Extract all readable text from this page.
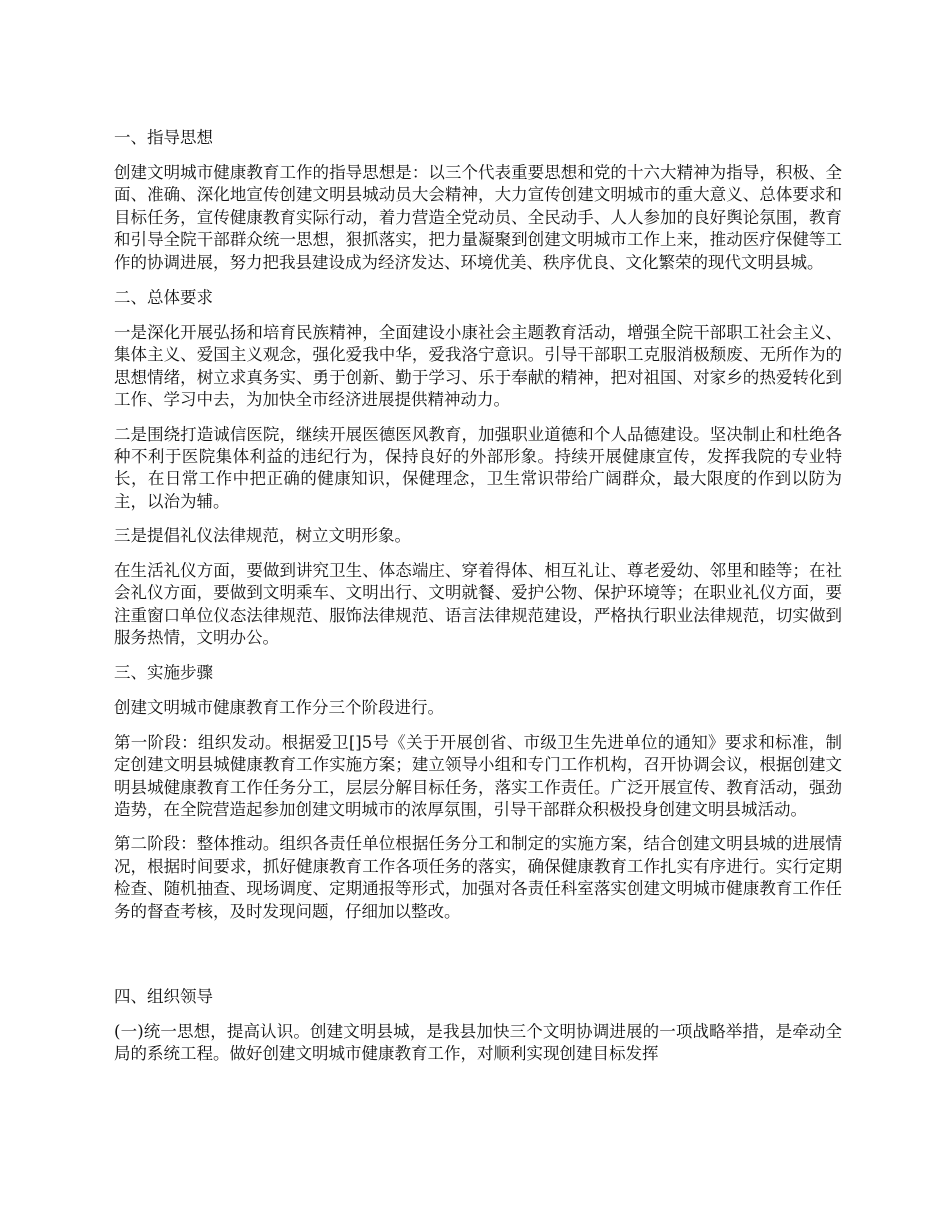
一、指导思想
创建文明城市健康教育工作的指导思想是：以三个代表重要思想和党的十六大精神为指导，积极、全面、准确、深化地宣传创建文明县城动员大会精神，大力宣传创建文明城市的重大意义、总体要求和目标任务，宣传健康教育实际行动，着力营造全党动员、全民动手、人人参加的良好舆论氛围，教育和引导全院干部群众统一思想，狠抓落实，把力量凝聚到创建文明城市工作上来，推动医疗保健等工作的协调进展，努力把我县建设成为经济发达、环境优美、秩序优良、文化繁荣的现代文明县城。
二、总体要求
一是深化开展弘扬和培育民族精神，全面建设小康社会主题教育活动，增强全院干部职工社会主义、集体主义、爱国主义观念，强化爱我中华，爱我洛宁意识。引导干部职工克服消极颓废、无所作为的思想情绪，树立求真务实、勇于创新、勤于学习、乐于奉献的精神，把对祖国、对家乡的热爱转化到工作、学习中去，为加快全市经济进展提供精神动力。
二是围绕打造诚信医院，继续开展医德医风教育，加强职业道德和个人品德建设。坚决制止和杜绝各种不利于医院集体利益的违纪行为，保持良好的外部形象。持续开展健康宣传，发挥我院的专业特长，在日常工作中把正确的健康知识，保健理念，卫生常识带给广阔群众，最大限度的作到以防为主，以治为辅。
三是提倡礼仪法律规范，树立文明形象。
在生活礼仪方面，要做到讲究卫生、体态端庄、穿着得体、相互礼让、尊老爱幼、邻里和睦等；在社会礼仪方面，要做到文明乘车、文明出行、文明就餐、爱护公物、保护环境等；在职业礼仪方面，要注重窗口单位仪态法律规范、服饰法律规范、语言法律规范建设，严格执行职业法律规范，切实做到服务热情，文明办公。
三、实施步骤
创建文明城市健康教育工作分三个阶段进行。
第一阶段：组织发动。根据爱卫[]5号《关于开展创省、市级卫生先进单位的通知》要求和标准，制定创建文明县城健康教育工作实施方案；建立领导小组和专门工作机构，召开协调会议，根据创建文明县城健康教育工作任务分工，层层分解目标任务，落实工作责任。广泛开展宣传、教育活动，强劲造势，在全院营造起参加创建文明城市的浓厚氛围，引导干部群众积极投身创建文明县城活动。
第二阶段：整体推动。组织各责任单位根据任务分工和制定的实施方案，结合创建文明县城的进展情况，根据时间要求，抓好健康教育工作各项任务的落实，确保健康教育工作扎实有序进行。实行定期检查、随机抽查、现场调度、定期通报等形式，加强对各责任科室落实创建文明城市健康教育工作任务的督查考核，及时发现问题，仔细加以整改。
四、组织领导
(一)统一思想，提高认识。创建文明县城，是我县加快三个文明协调进展的一项战略举措，是牵动全局的系统工程。做好创建文明城市健康教育工作，对顺利实现创建目标发挥
